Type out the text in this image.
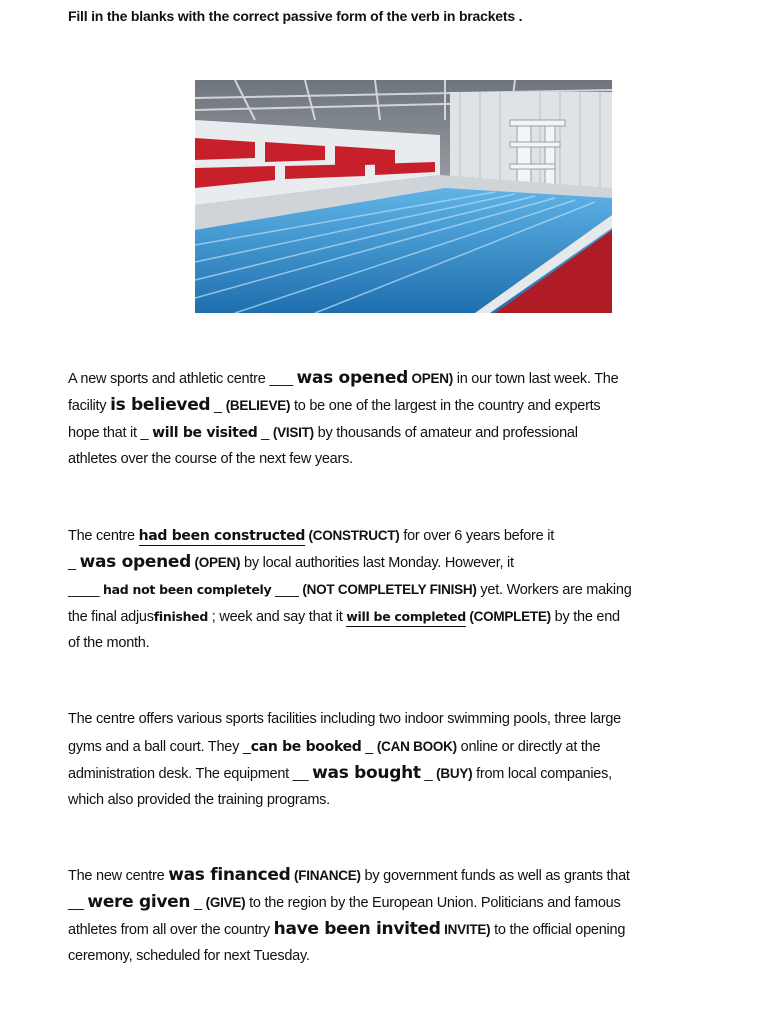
Fill in the blanks with the correct passive form of the verb in brackets .
A new sports and athletic centre ___ was opened OPEN) in our town last week. The
facility is believed _ (BELIEVE) to be one of the largest in the country and experts
hope that it _ will be visited _ (VISIT) by thousands of amateur and professional
athletes over the course of the next few years.
The centre had been constructed (CONSTRUCT) for over 6 years before it
_ was opened (OPEN) by local authorities last Monday. However, it
____ had not been completely ___ (NOT COMPLETELY FINISH) yet. Workers are making
the final adjusfinished ; week and say that it will be completed (COMPLETE) by the end
of the month.
The centre offers various sports facilities including two indoor swimming pools, three large
gyms and a ball court. They _can be booked _ (CAN BOOK) online or directly at the
administration desk. The equipment __ was bought _ (BUY) from local companies,
which also provided the training programs.
The new centre was financed (FINANCE) by government funds as well as grants that
__ were given _ (GIVE) to the region by the European Union. Politicians and famous
athletes from all over the country have been invited INVITE) to the official opening
ceremony, scheduled for next Tuesday.
